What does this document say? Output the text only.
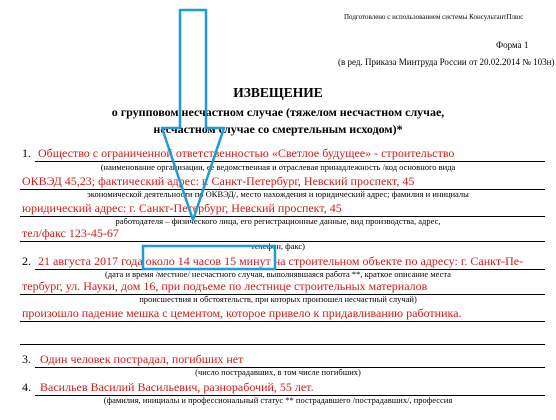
Подготовлено с использованием системы КонсультантПлюс
Форма 1
(в ред. Приказа Минтруда России от 20.02.2014 № 103н)
ИЗВЕЩЕНИЕ
о групповом несчастном случае (тяжелом несчастном случае,
несчастном случае со смертельным исходом)*
1. Общество с ограниченной ответственностью «Светлое будущее» - строительство
(наименование организации, ее ведомственная и отраслевая принадлежность /код основного вида
ОКВЭД 45,23; фактический адрес: г. Санкт-Петербург, Невский проспект, 45
экономической деятельности по ОКВЭД/, место нахождения и юридический адрес; фамилия и инициалы
юридический адрес: г. Санкт-Петербург, Невский проспект, 45
работодателя – физического лица, его регистрационные данные, вид производства, адрес,
тел/факс 123-45-67
телефон, факс)
2. 21 августа 2017 года около 14 часов 15 минут на строительном объекте по адресу: г. Санкт-Пе-
(дата и время /местное/ несчастного случая, выполнявшаяся работа **, краткое описание места
тербург, ул. Науки, дом 16, при подъеме по лестнице строительных материалов
происшествия и обстоятельств, при которых произошел несчастный случай)
произошло падение мешка с цементом, которое привело к придавливанию работника.
3. Один человек пострадал, погибших нет
(число пострадавших, в том числе погибших)
4. Васильев Василий Васильевич, разнорабочий, 55 лет.
(фамилия, инициалы и профессиональный статус ** пострадавшего /пострадавших/, профессия
